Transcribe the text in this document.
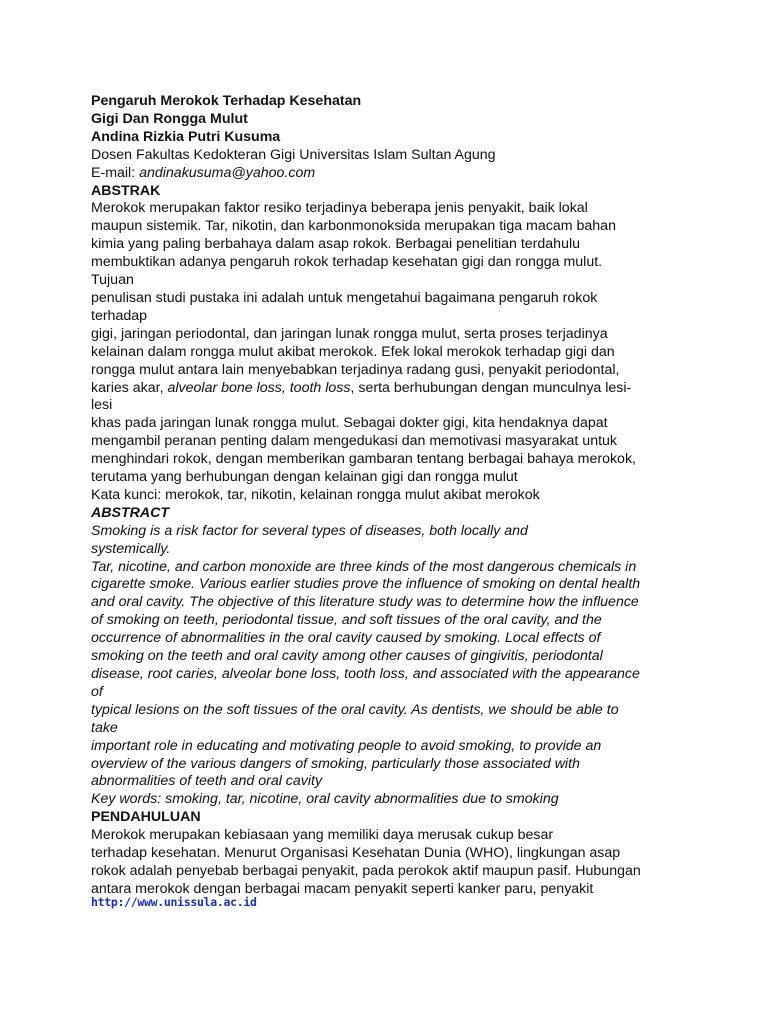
Pengaruh Merokok Terhadap Kesehatan
Gigi Dan Rongga Mulut
Andina Rizkia Putri Kusuma
Dosen Fakultas Kedokteran Gigi Universitas Islam Sultan Agung
E-mail: andinakusuma@yahoo.com
ABSTRAK
Merokok merupakan faktor resiko terjadinya beberapa jenis penyakit, baik lokal
maupun sistemik. Tar, nikotin, dan karbonmonoksida merupakan tiga macam bahan
kimia yang paling berbahaya dalam asap rokok. Berbagai penelitian terdahulu
membuktikan adanya pengaruh rokok terhadap kesehatan gigi dan rongga mulut.
Tujuan
penulisan studi pustaka ini adalah untuk mengetahui bagaimana pengaruh rokok
terhadap
gigi, jaringan periodontal, dan jaringan lunak rongga mulut, serta proses terjadinya
kelainan dalam rongga mulut akibat merokok. Efek lokal merokok terhadap gigi dan
rongga mulut antara lain menyebabkan terjadinya radang gusi, penyakit periodontal,
karies akar, alveolar bone loss, tooth loss, serta berhubungan dengan munculnya lesi-
lesi
khas pada jaringan lunak rongga mulut. Sebagai dokter gigi, kita hendaknya dapat
mengambil peranan penting dalam mengedukasi dan memotivasi masyarakat untuk
menghindari rokok, dengan memberikan gambaran tentang berbagai bahaya merokok,
terutama yang berhubungan dengan kelainan gigi dan rongga mulut
Kata kunci: merokok, tar, nikotin, kelainan rongga mulut akibat merokok
ABSTRACT
Smoking is a risk factor for several types of diseases, both locally and
systemically.
Tar, nicotine, and carbon monoxide are three kinds of the most dangerous chemicals in
cigarette smoke. Various earlier studies prove the influence of smoking on dental health
and oral cavity. The objective of this literature study was to determine how the influence
of smoking on teeth, periodontal tissue, and soft tissues of the oral cavity, and the
occurrence of abnormalities in the oral cavity caused by smoking. Local effects of
smoking on the teeth and oral cavity among other causes of gingivitis, periodontal
disease, root caries, alveolar bone loss, tooth loss, and associated with the appearance
of
typical lesions on the soft tissues of the oral cavity. As dentists, we should be able to
take
important role in educating and motivating people to avoid smoking, to provide an
overview of the various dangers of smoking, particularly those associated with
abnormalities of teeth and oral cavity
Key words: smoking, tar, nicotine, oral cavity abnormalities due to smoking
PENDAHULUAN
Merokok merupakan kebiasaan yang memiliki daya merusak cukup besar
terhadap kesehatan. Menurut Organisasi Kesehatan Dunia (WHO), lingkungan asap
rokok adalah penyebab berbagai penyakit, pada perokok aktif maupun pasif. Hubungan
antara merokok dengan berbagai macam penyakit seperti kanker paru, penyakit
http://www.unissula.ac.id
